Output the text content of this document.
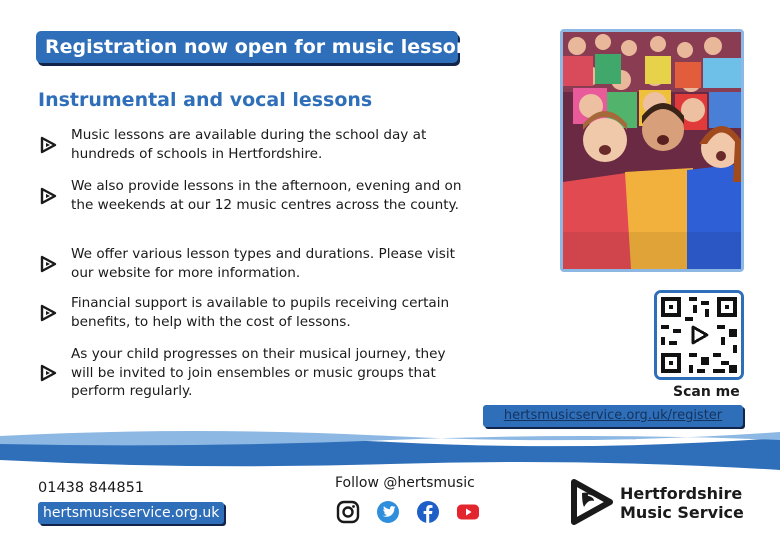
Registration now open for music lessons
Instrumental and vocal lessons
Music lessons are available during the school day at hundreds of schools in Hertfordshire.
We also provide lessons in the afternoon, evening and on the weekends at our 12 music centres across the county.
We offer various lesson types and durations. Please visit our website for more information.
Financial support is available to pupils receiving certain benefits, to help with the cost of lessons.
As your child progresses on their musical journey, they will be invited to join ensembles or music groups that perform regularly.	Scan me
hertsmusicservice.org.uk/register
01438 844851
hertsmusicservice.org.uk
Follow @hertsmusic
Hertfordshire
Music Service
